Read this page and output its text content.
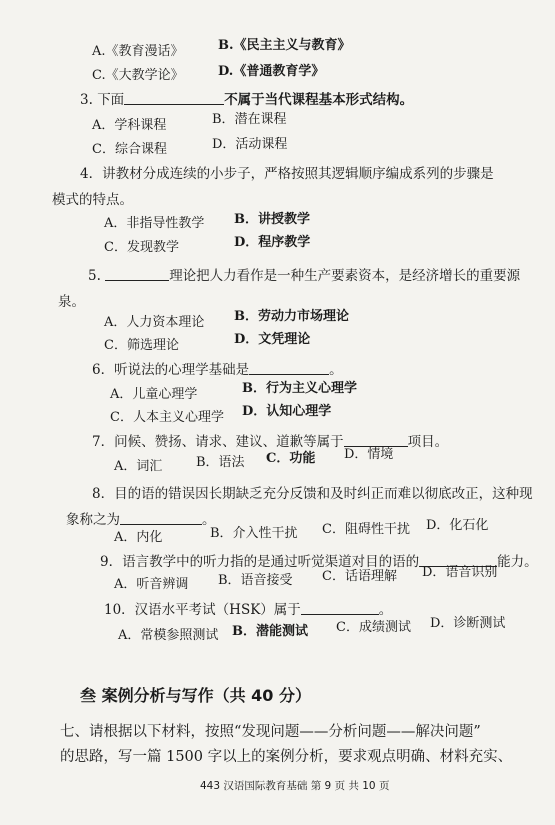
A.《教育漫话》	B.《民主主义与教育》
C.《大教学论》	D.《普通教育学》
3. 下面	不属于当代课程基本形式结构。
A．学科课程	B．潜在课程
C．综合课程	D．活动课程
4．讲教材分成连续的小步子，严格按照其逻辑顺序编成系列的步骤是
模式的特点。
A．非指导性教学 B．讲授教学
C．发现教学	D．程序教学
5.	理论把人力看作是一种生产要素资本，是经济增长的重要源
泉。
A．人力资本理论 B．劳动力市场理论
C．筛选理论	D．文凭理论
6．听说法的心理学基础是	。
A．儿童心理学	B．行为主义心理学
C．人本主义心理学 D．认知心理学
7．问候、赞扬、请求、建议、道歉等属于	项目。
A．词汇	B．语法 C．功能 D．情境
8．目的语的错误因长期缺乏充分反馈和及时纠正而难以彻底改正，这种现
象称之为	。
A．内化	B．介入性干扰 C．阻碍性干扰 D．化石化
9．语言教学中的听力指的是通过听觉渠道对目的语的	能力。
A．听音辨调 B．语音接受 C．话语理解 D．语音识别
10．汉语水平考试（HSK）属于	。
A．常模参照测试 B．潜能测试 C．成绩测试 D．诊断测试
叁 案例分析与写作（共 40 分）
七、请根据以下材料，按照“发现问题——分析问题——解决问题”
的思路，写一篇 1500 字以上的案例分析，要求观点明确、材料充实、
443 汉语国际教育基础 第 9 页 共 10 页
